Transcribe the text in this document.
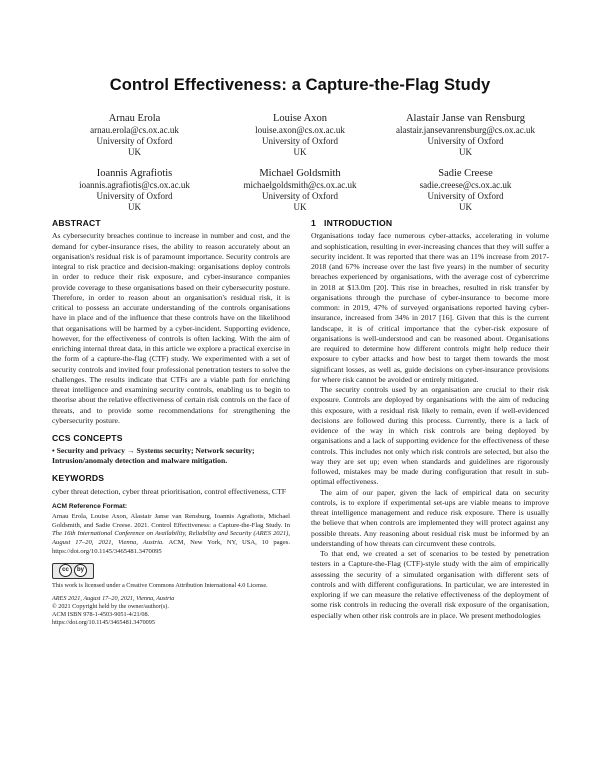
Control Effectiveness: a Capture-the-Flag Study
Arnau Erola
arnau.erola@cs.ox.ac.uk
University of Oxford
UK
Louise Axon
louise.axon@cs.ox.ac.uk
University of Oxford
UK
Alastair Janse van Rensburg
alastair.jansevanrensburg@cs.ox.ac.uk
University of Oxford
UK
Ioannis Agrafiotis
ioannis.agrafiotis@cs.ox.ac.uk
University of Oxford
UK
Michael Goldsmith
michaelgoldsmith@cs.ox.ac.uk
University of Oxford
UK
Sadie Creese
sadie.creese@cs.ox.ac.uk
University of Oxford
UK
ABSTRACT

As cybersecurity breaches continue to increase in number and cost, and the demand for cyber-insurance rises, the ability to reason accurately about an organisation's residual risk is of paramount importance. Security controls are integral to risk practice and decision-making: organisations deploy controls in order to reduce their risk exposure, and cyber-insurance companies provide coverage to these organisations based on their cybersecurity posture. Therefore, in order to reason about an organisation's residual risk, it is critical to possess an accurate understanding of the controls organisations have in place and of the influence that these controls have on the likelihood that organisations will be harmed by a cyber-incident. Supporting evidence, however, for the effectiveness of controls is often lacking. With the aim of enriching internal threat data, in this article we explore a practical exercise in the form of a capture-the-flag (CTF) study. We experimented with a set of security controls and invited four professional penetration testers to solve the challenges. The results indicate that CTFs are a viable path for enriching threat intelligence and examining security controls, enabling us to begin to theorise about the relative effectiveness of certain risk controls on the face of threats, and to provide some recommendations for strengthening the cybersecurity posture.

CCS CONCEPTS
• Security and privacy → Systems security; Network security; Intrusion/anomaly detection and malware mitigation.
KEYWORDS

cyber threat detection, cyber threat prioritisation, control effectiveness, CTF

ACM Reference Format:
Arnau Erola, Louise Axon, Alastair Janse van Rensburg, Ioannis Agrafiotis, Michael Goldsmith, and Sadie Creese. 2021. Control Effectiveness: a Capture-the-Flag Study. In The 16th International Conference on Availability, Reliability and Security (ARES 2021), August 17–20, 2021, Vienna, Austria. ACM, New York, NY, USA, 10 pages. https://doi.org/10.1145/3465481.3470095
cc	by
This work is licensed under a Creative Commons Attribution International 4.0 License.
ARES 2021, August 17–20, 2021, Vienna, Austria
© 2021 Copyright held by the owner/author(s).
ACM ISBN 978-1-4503-9051-4/21/08.
https://doi.org/10.1145/3465481.3470095
1 INTRODUCTION

Organisations today face numerous cyber-attacks, accelerating in volume and sophistication, resulting in ever-increasing chances that they will suffer a security incident. It was reported that there was an 11% increase from 2017-2018 (and 67% increase over the last five years) in the number of security breaches experienced by organisations, with the average cost of cybercrime in 2018 at $13.0m [20]. This rise in breaches, resulted in risk transfer by organisations through the purchase of cyber-insurance to become more common: in 2019, 47% of surveyed organisations reported having cyber-insurance, increased from 34% in 2017 [16]. Given that this is the current landscape, it is of critical importance that the cyber-risk exposure of organisations is well-understood and can be reasoned about. Organisations are required to determine how different controls might help reduce their exposure to cyber attacks and how best to target them towards the most significant losses, as well as, guide decisions on cyber-insurance provisions for where risk cannot be avoided or entirely mitigated.

The security controls used by an organisation are crucial to their risk exposure. Controls are deployed by organisations with the aim of reducing this exposure, with a residual risk likely to remain, even if well-evidenced decisions are followed during this process. Currently, there is a lack of evidence of the way in which risk controls are being deployed by organisations and a lack of supporting evidence for the effectiveness of these controls. This includes not only which risk controls are selected, but also the way they are set up; even when standards and guidelines are rigorously followed, mistakes may be made during configuration that result in sub-optimal effectiveness.

The aim of our paper, given the lack of empirical data on security controls, is to explore if experimental set-ups are viable means to improve threat intelligence management and reduce risk exposure. There is usually the believe that when controls are implemented they will protect against any possible threats. Any reasoning about residual risk must be informed by an understanding of how threats can circumvent these controls.

To that end, we created a set of scenarios to be tested by penetration testers in a Capture-the-Flag (CTF)-style study with the aim of empirically assessing the security of a simulated organisation with different sets of controls and with different configurations. In particular, we are interested in exploring if we can measure the relative effectiveness of the deployment of some risk controls in reducing the overall risk exposure of the organisation, especially when other risk controls are in place. We present methodologies
